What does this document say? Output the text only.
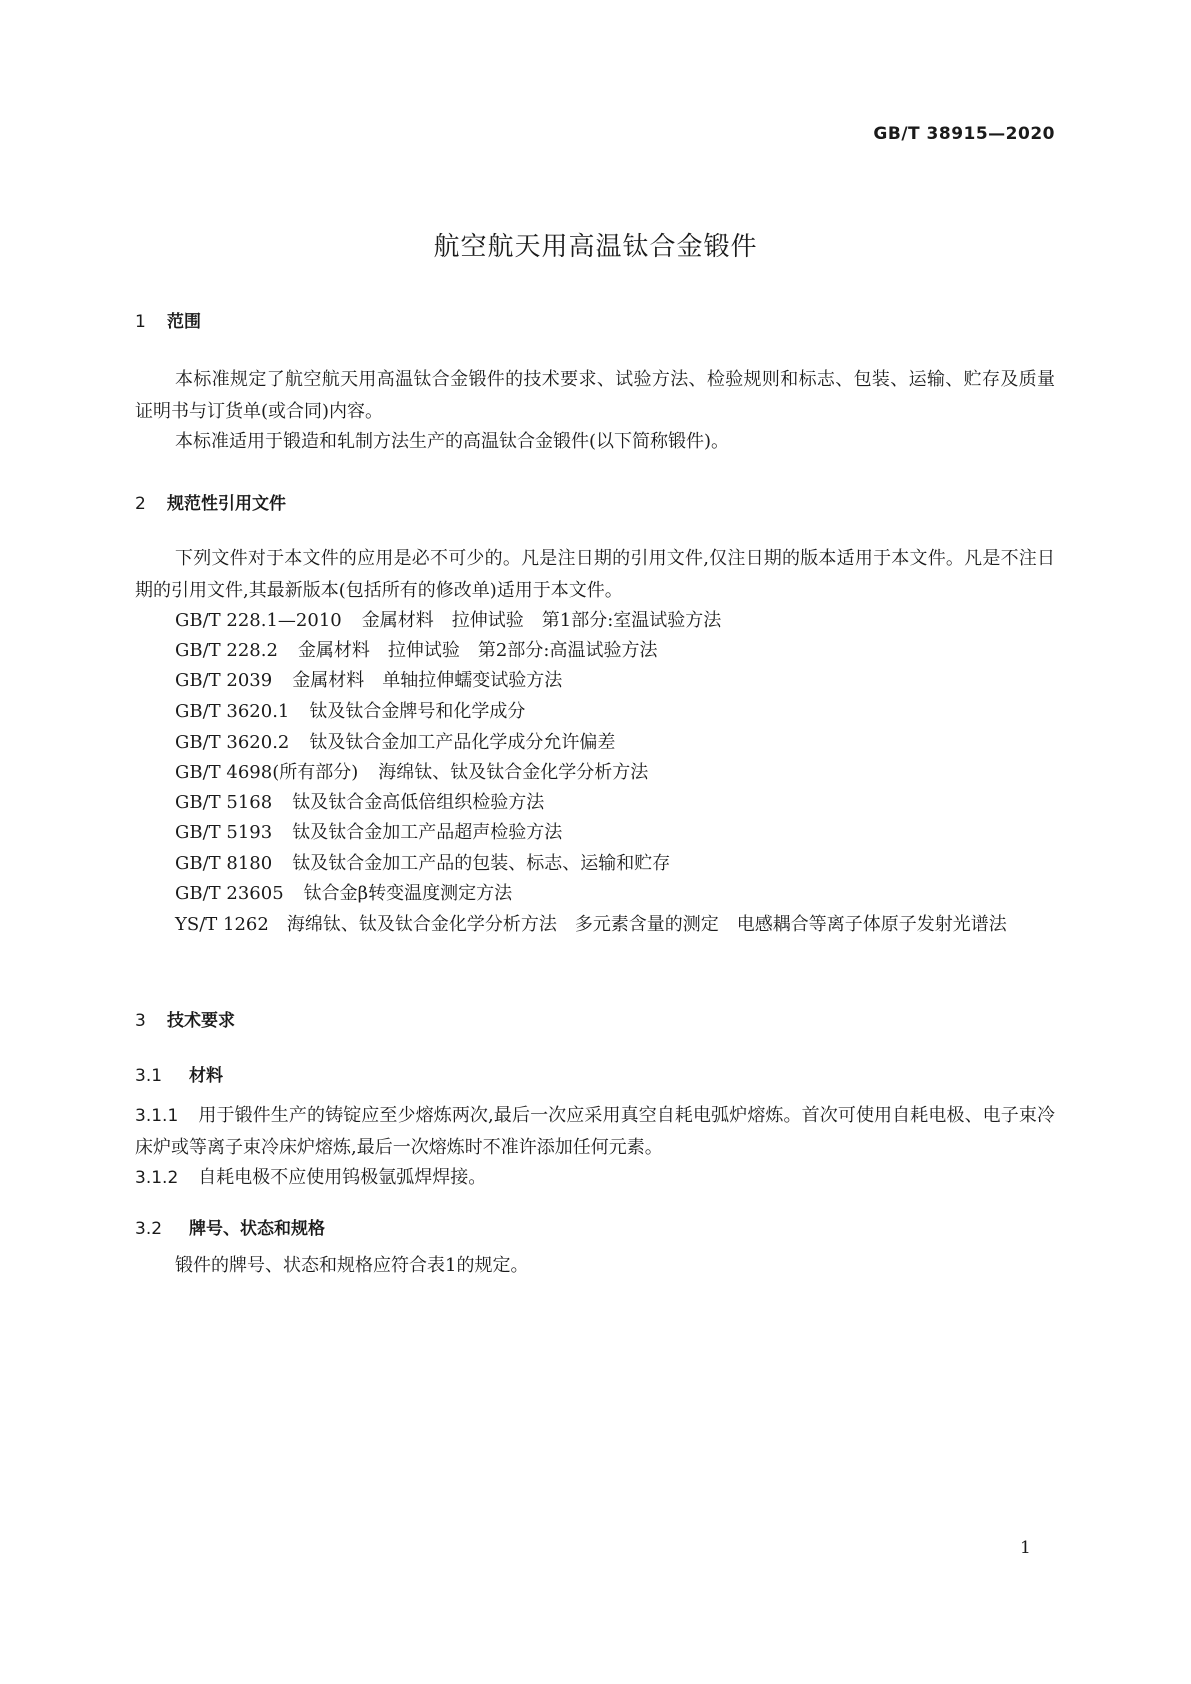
GB/T 38915—2020
航空航天用高温钛合金锻件
1 范围
本标准规定了航空航天用高温钛合金锻件的技术要求、试验方法、检验规则和标志、包装、运输、贮存及质量证明书与订货单(或合同)内容。
本标准适用于锻造和轧制方法生产的高温钛合金锻件(以下简称锻件)。
2 规范性引用文件
下列文件对于本文件的应用是必不可少的。凡是注日期的引用文件,仅注日期的版本适用于本文件。凡是不注日期的引用文件,其最新版本(包括所有的修改单)适用于本文件。
GB/T 228.1—2010 金属材料　拉伸试验　第1部分:室温试验方法
GB/T 228.2 金属材料　拉伸试验　第2部分:高温试验方法
GB/T 2039 金属材料　单轴拉伸蠕变试验方法
GB/T 3620.1 钛及钛合金牌号和化学成分
GB/T 3620.2 钛及钛合金加工产品化学成分允许偏差
GB/T 4698(所有部分) 海绵钛、钛及钛合金化学分析方法
GB/T 5168 钛及钛合金高低倍组织检验方法
GB/T 5193 钛及钛合金加工产品超声检验方法
GB/T 8180 钛及钛合金加工产品的包装、标志、运输和贮存
GB/T 23605 钛合金β转变温度测定方法
YS/T 1262　海绵钛、钛及钛合金化学分析方法　多元素含量的测定　电感耦合等离子体原子发射光谱法
3 技术要求
3.1 材料
3.1.1 用于锻件生产的铸锭应至少熔炼两次,最后一次应采用真空自耗电弧炉熔炼。首次可使用自耗电极、电子束冷床炉或等离子束冷床炉熔炼,最后一次熔炼时不准许添加任何元素。
3.1.2 自耗电极不应使用钨极氩弧焊焊接。
3.2 牌号、状态和规格
锻件的牌号、状态和规格应符合表1的规定。
1
